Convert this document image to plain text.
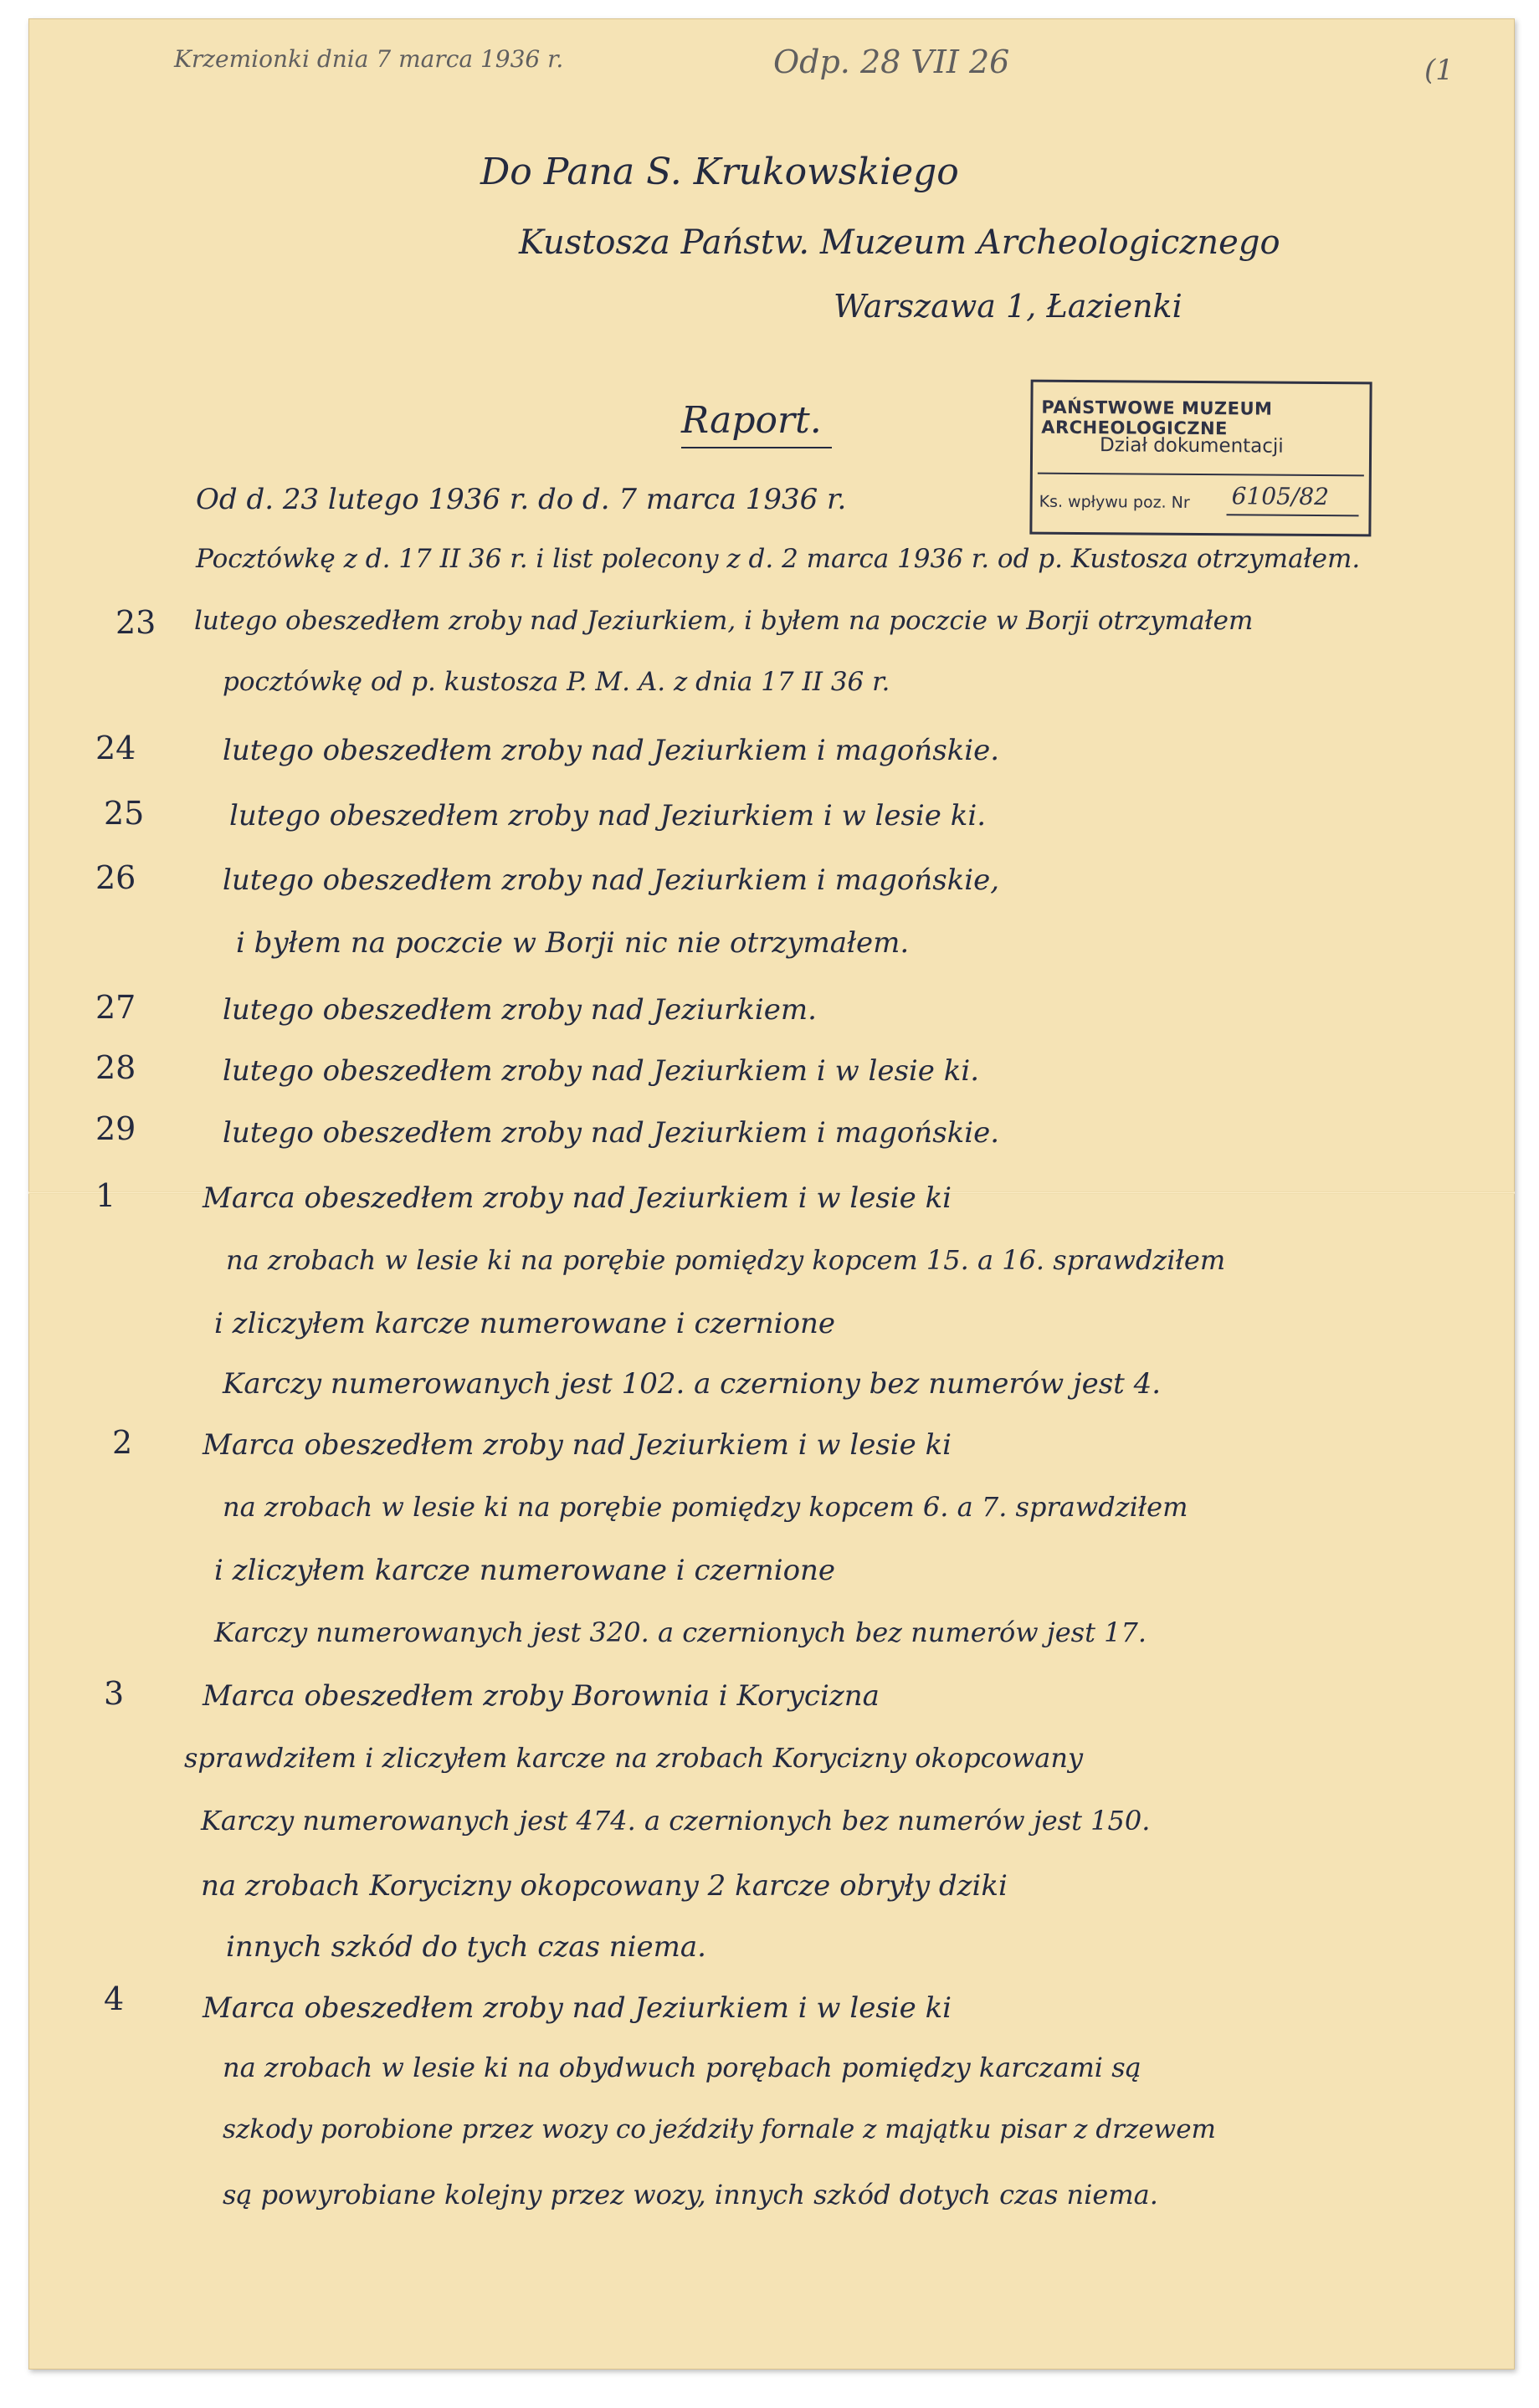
Krzemionki dnia 7 marca 1936 r.	Odp. 28 VII 26	(1
Do Pana S. Krukowskiego
Kustosza Państw. Muzeum Archeologicznego
Warszawa 1, Łazienki
PAŃSTWOWE MUZEUM ARCHEOLOGICZNE
Dział dokumentacji
Ks. wpływu poz. Nr 6105/82
Raport.
Od d. 23 lutego 1936 r. do d. 7 marca 1936 r.
Pocztówkę z d. 17 II 36 r. i list polecony z d. 2 marca 1936 r. od p. Kustosza otrzymałem.
23 lutego obeszedłem zroby nad Jeziurkiem, i byłem na poczcie w Borji otrzymałem
pocztówkę od p. kustosza P. M. A. z dnia 17 II 36 r.
24	lutego obeszedłem zroby nad Jeziurkiem i magońskie.
25	lutego obeszedłem zroby nad Jeziurkiem i w lesie ki.
26	lutego obeszedłem zroby nad Jeziurkiem i magońskie,
i byłem na poczcie w Borji nic nie otrzymałem.
27	lutego obeszedłem zroby nad Jeziurkiem.
28	lutego obeszedłem zroby nad Jeziurkiem i w lesie ki.
29	lutego obeszedłem zroby nad Jeziurkiem i magońskie.
1	Marca obeszedłem zroby nad Jeziurkiem i w lesie ki
na zrobach w lesie ki na porębie pomiędzy kopcem 15. a 16. sprawdziłem
i zliczyłem karcze numerowane i czernione
Karczy numerowanych jest 102. a czerniony bez numerów jest 4.
2 Marca obeszedłem zroby nad Jeziurkiem i w lesie ki
na zrobach w lesie ki na porębie pomiędzy kopcem 6. a 7. sprawdziłem
i zliczyłem karcze numerowane i czernione
Karczy numerowanych jest 320. a czernionych bez numerów jest 17.
3	Marca obeszedłem zroby Borownia i Korycizna
sprawdziłem i zliczyłem karcze na zrobach Korycizny okopcowany
Karczy numerowanych jest 474. a czernionych bez numerów jest 150.
na zrobach Korycizny okopcowany 2 karcze obryły dziki
innych szkód do tych czas niema.
4	Marca obeszedłem zroby nad Jeziurkiem i w lesie ki
na zrobach w lesie ki na obydwuch porębach pomiędzy karczami są
szkody porobione przez wozy co jeździły fornale z majątku pisar z drzewem
są powyrobiane kolejny przez wozy, innych szkód dotych czas niema.
